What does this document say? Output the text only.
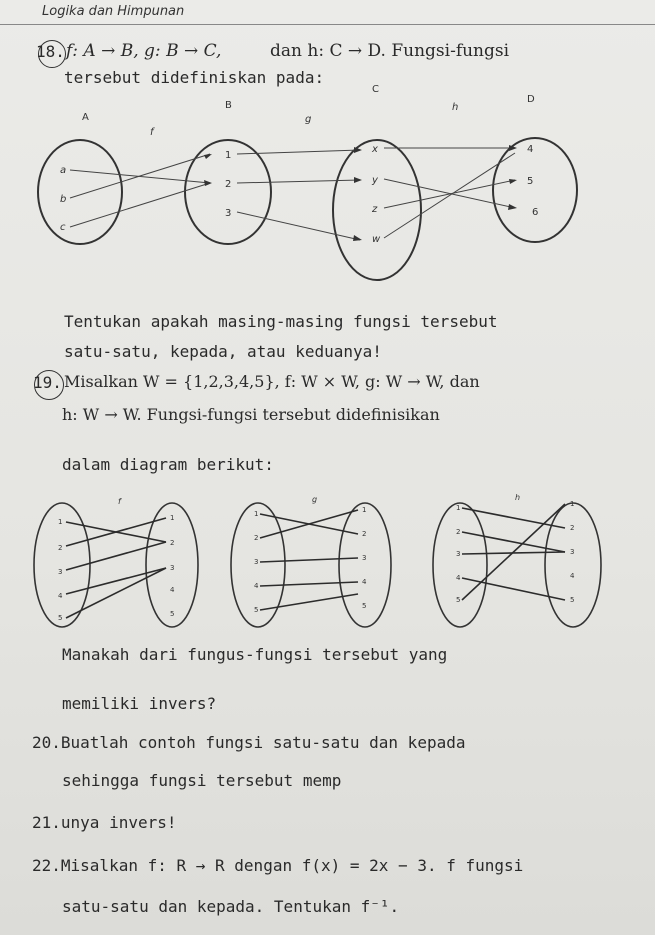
Logika dan Himpunan
18. f: A → B, g: B → C,	dan h: C → D. Fungsi-fungsi
tersebut didefiniskan pada:
A
B
C
D
f
g
h
a
b
c
1
2
3
x
y
z
w
4
5
6
Tentukan apakah masing-masing fungsi tersebut
satu-satu, kepada, atau keduanya!
19. Misalkan W = {1,2,3,4,5}, f: W × W, g: W → W, dan
h: W → W. Fungsi-fungsi tersebut didefinisikan
dalam diagram berikut:
f	g	h
1
2
3
4
5
1
2
3
4
5
1
2
3
4
5
1
2
3
4
5
1
2
3
4
5
1
2
3
4
5
Manakah dari fungus-fungsi tersebut yang
memiliki invers?
20.Buatlah contoh fungsi satu-satu dan kepada
sehingga fungsi tersebut memp
21.unya invers!
22.Misalkan f: R → R dengan f(x) = 2x − 3. f fungsi
satu-satu dan kepada. Tentukan f⁻¹.
